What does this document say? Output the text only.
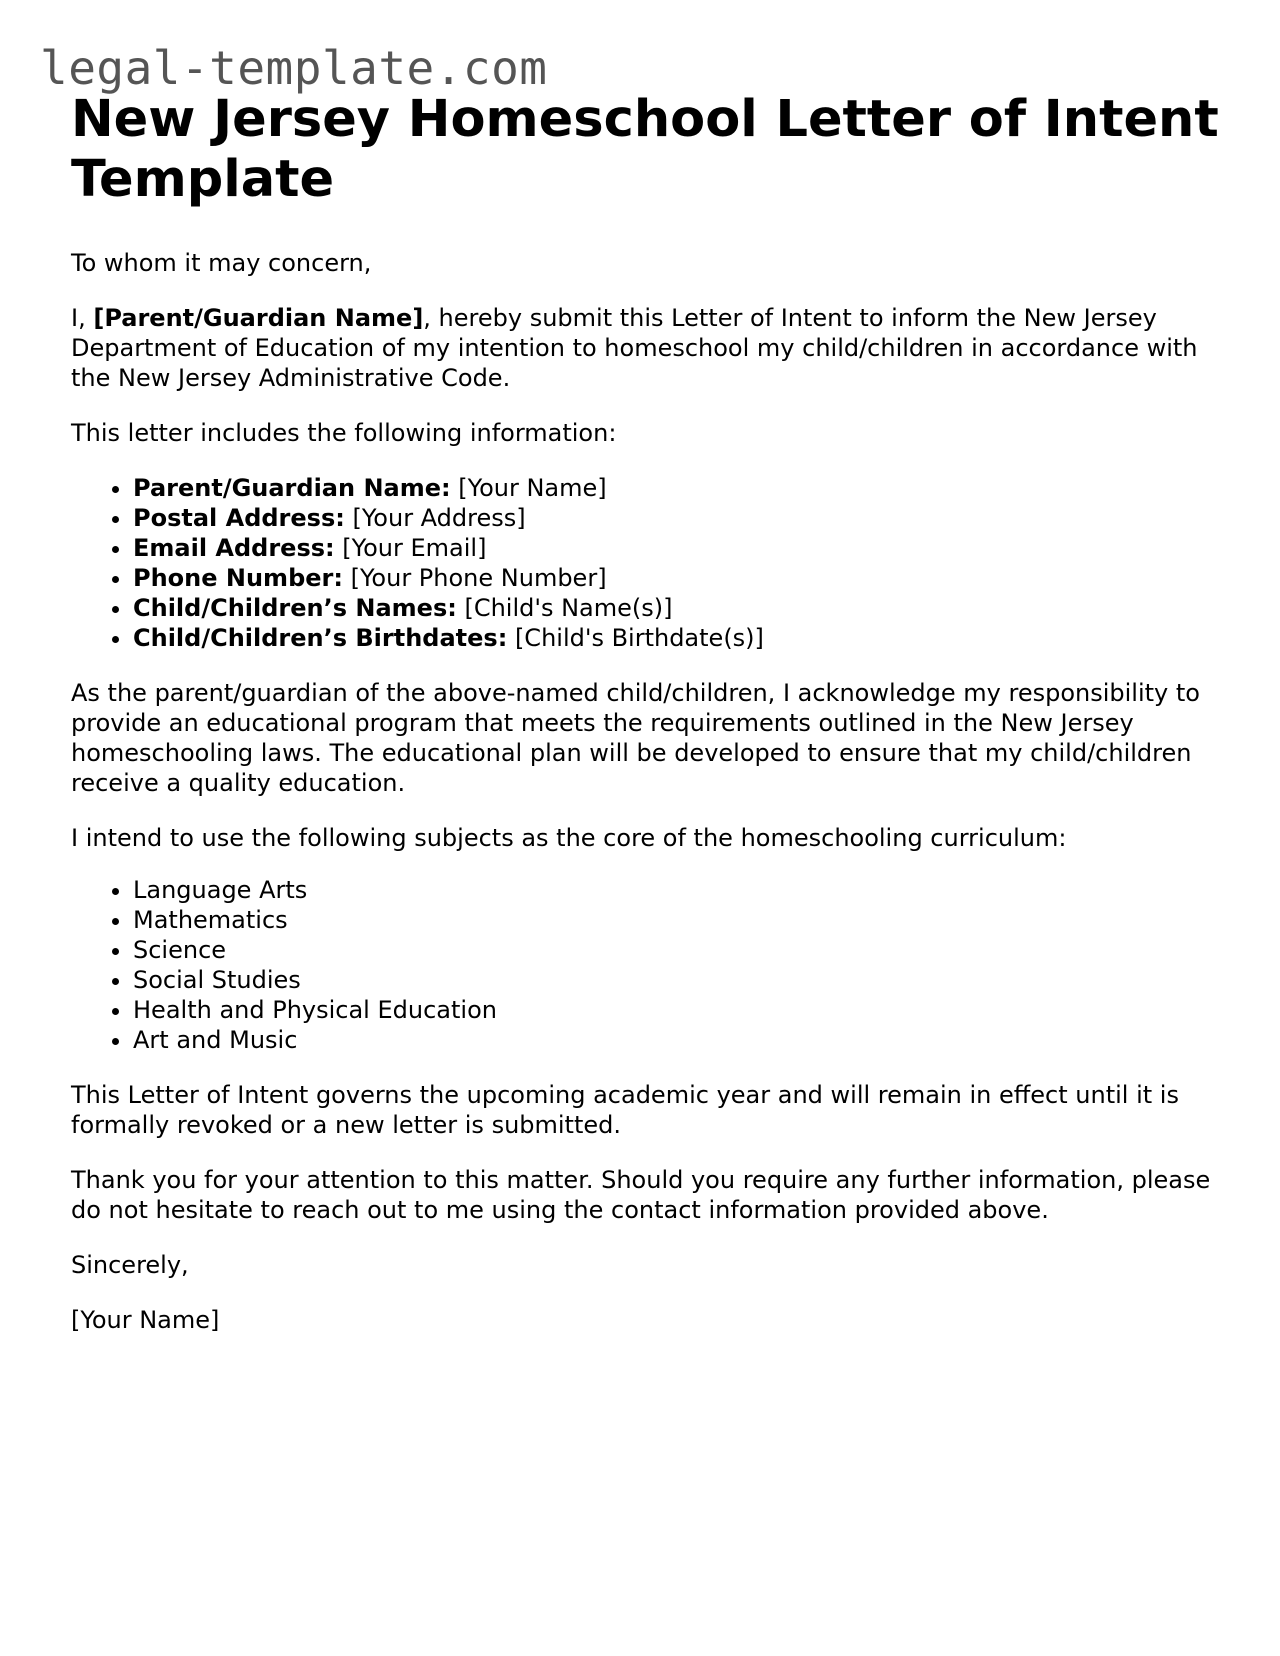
legal-template.com
New Jersey Homeschool Letter of Intent Template

To whom it may concern,

I, [Parent/Guardian Name], hereby submit this Letter of Intent to inform the New Jersey Department of Education of my intention to homeschool my child/children in accordance with the New Jersey Administrative Code.

This letter includes the following information:

• Parent/Guardian Name: [Your Name]
• Postal Address: [Your Address]
• Email Address: [Your Email]
• Phone Number: [Your Phone Number]
• Child/Children’s Names: [Child's Name(s)]
• Child/Children’s Birthdates: [Child's Birthdate(s)]

As the parent/guardian of the above-named child/children, I acknowledge my responsibility to provide an educational program that meets the requirements outlined in the New Jersey homeschooling laws. The educational plan will be developed to ensure that my child/children receive a quality education.

I intend to use the following subjects as the core of the homeschooling curriculum:

• Language Arts
• Mathematics
• Science
• Social Studies
• Health and Physical Education
• Art and Music

This Letter of Intent governs the upcoming academic year and will remain in effect until it is formally revoked or a new letter is submitted.

Thank you for your attention to this matter. Should you require any further information, please do not hesitate to reach out to me using the contact information provided above.

Sincerely,

[Your Name]
